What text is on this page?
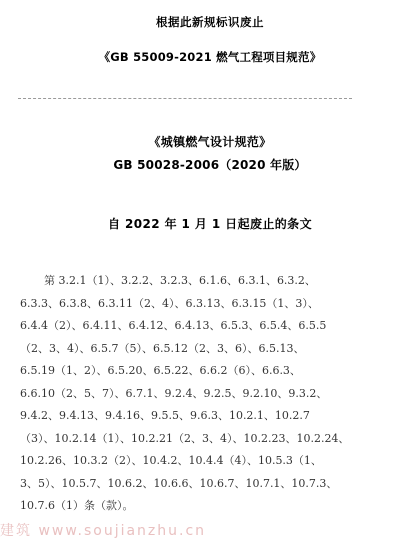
根据此新规标识废止
《GB 55009-2021 燃气工程项目规范》
《城镇燃气设计规范》
GB 50028-2006（2020 年版）
自 2022 年 1 月 1 日起废止的条文
第 3.2.1（1）、3.2.2、3.2.3、6.1.6、6.3.1、6.3.2、
6.3.3、6.3.8、6.3.11（2、4）、6.3.13、6.3.15（1、3）、
6.4.4（2）、6.4.11、6.4.12、6.4.13、6.5.3、6.5.4、6.5.5
（2、3、4）、6.5.7（5）、6.5.12（2、3、6）、6.5.13、
6.5.19（1、2）、6.5.20、6.5.22、6.6.2（6）、6.6.3、
6.6.10（2、5、7）、6.7.1、9.2.4、9.2.5、9.2.10、9.3.2、
9.4.2、9.4.13、9.4.16、9.5.5、9.6.3、10.2.1、10.2.7
（3）、10.2.14（1）、10.2.21（2、3、4）、10.2.23、10.2.24、
10.2.26、10.3.2（2）、10.4.2、10.4.4（4）、10.5.3（1、
3、5）、10.5.7、10.6.2、10.6.6、10.6.7、10.7.1、10.7.3、
10.7.6（1）条（款）。
建筑 www.soujianzhu.cn
